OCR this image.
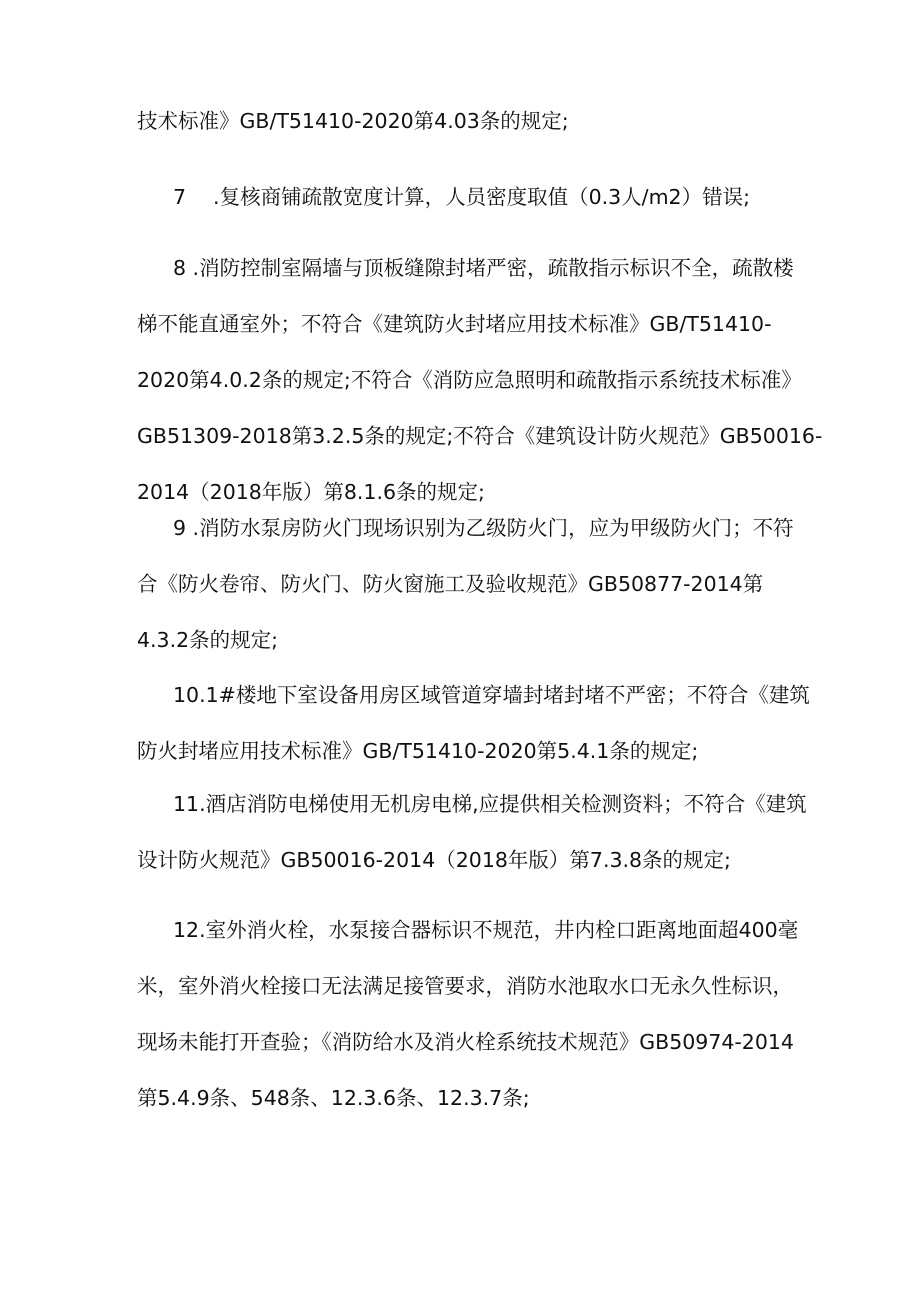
技术标准》GB/T51410-2020第4.03条的规定;
7　 .复核商铺疏散宽度计算，人员密度取值（0.3人/m2）错误;
8 .消防控制室隔墙与顶板缝隙封堵严密，疏散指示标识不全，疏散楼
梯不能直通室外；不符合《建筑防火封堵应用技术标准》GB/T51410-
2020第4.0.2条的规定;不符合《消防应急照明和疏散指示系统技术标准》
GB51309-2018第3.2.5条的规定;不符合《建筑设计防火规范》GB50016-
2014（2018年版）第8.1.6条的规定;
9 .消防水泵房防火门现场识别为乙级防火门，应为甲级防火门；不符
合《防火卷帘、防火门、防火窗施工及验收规范》GB50877-2014第
4.3.2条的规定;
10.1#楼地下室设备用房区域管道穿墙封堵封堵不严密；不符合《建筑
防火封堵应用技术标准》GB/T51410-2020第5.4.1条的规定;
11.酒店消防电梯使用无机房电梯,应提供相关检测资料；不符合《建筑
设计防火规范》GB50016-2014（2018年版）第7.3.8条的规定;
12.室外消火栓，水泵接合器标识不规范，井内栓口距离地面超400毫
米，室外消火栓接口无法满足接管要求，消防水池取水口无永久性标识，
现场未能打开查验；《消防给水及消火栓系统技术规范》GB50974-2014
第5.4.9条、548条、12.3.6条、12.3.7条;
